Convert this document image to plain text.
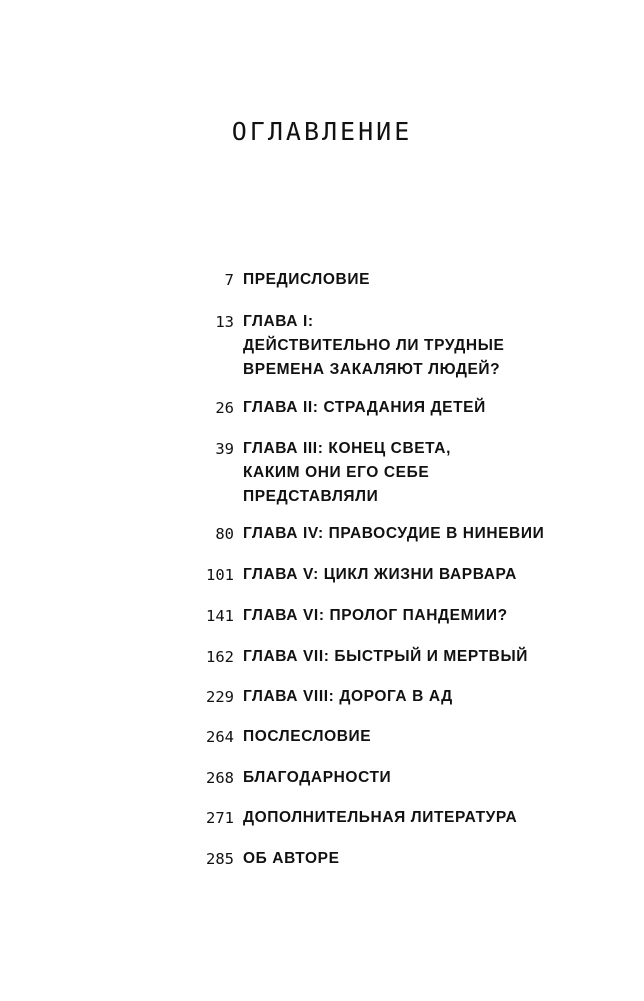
ОГЛАВЛЕНИЕ
7 ПРЕДИСЛОВИЕ
13 ГЛАВА I:
ДЕЙСТВИТЕЛЬНО ЛИ ТРУДНЫЕ
ВРЕМЕНА ЗАКАЛЯЮТ ЛЮДЕЙ?
26 ГЛАВА II: СТРАДАНИЯ ДЕТЕЙ
39 ГЛАВА III: КОНЕЦ СВЕТА,
КАКИМ ОНИ ЕГО СЕБЕ
ПРЕДСТАВЛЯЛИ
80 ГЛАВА IV: ПРАВОСУДИЕ В НИНЕВИИ
101 ГЛАВА V: ЦИКЛ ЖИЗНИ ВАРВАРА
141 ГЛАВА VI: ПРОЛОГ ПАНДЕМИИ?
162 ГЛАВА VII: БЫСТРЫЙ И МЕРТВЫЙ
229 ГЛАВА VIII: ДОРОГА В АД
264 ПОСЛЕСЛОВИЕ
268 БЛАГОДАРНОСТИ
271 ДОПОЛНИТЕЛЬНАЯ ЛИТЕРАТУРА
285 ОБ АВТОРЕ
